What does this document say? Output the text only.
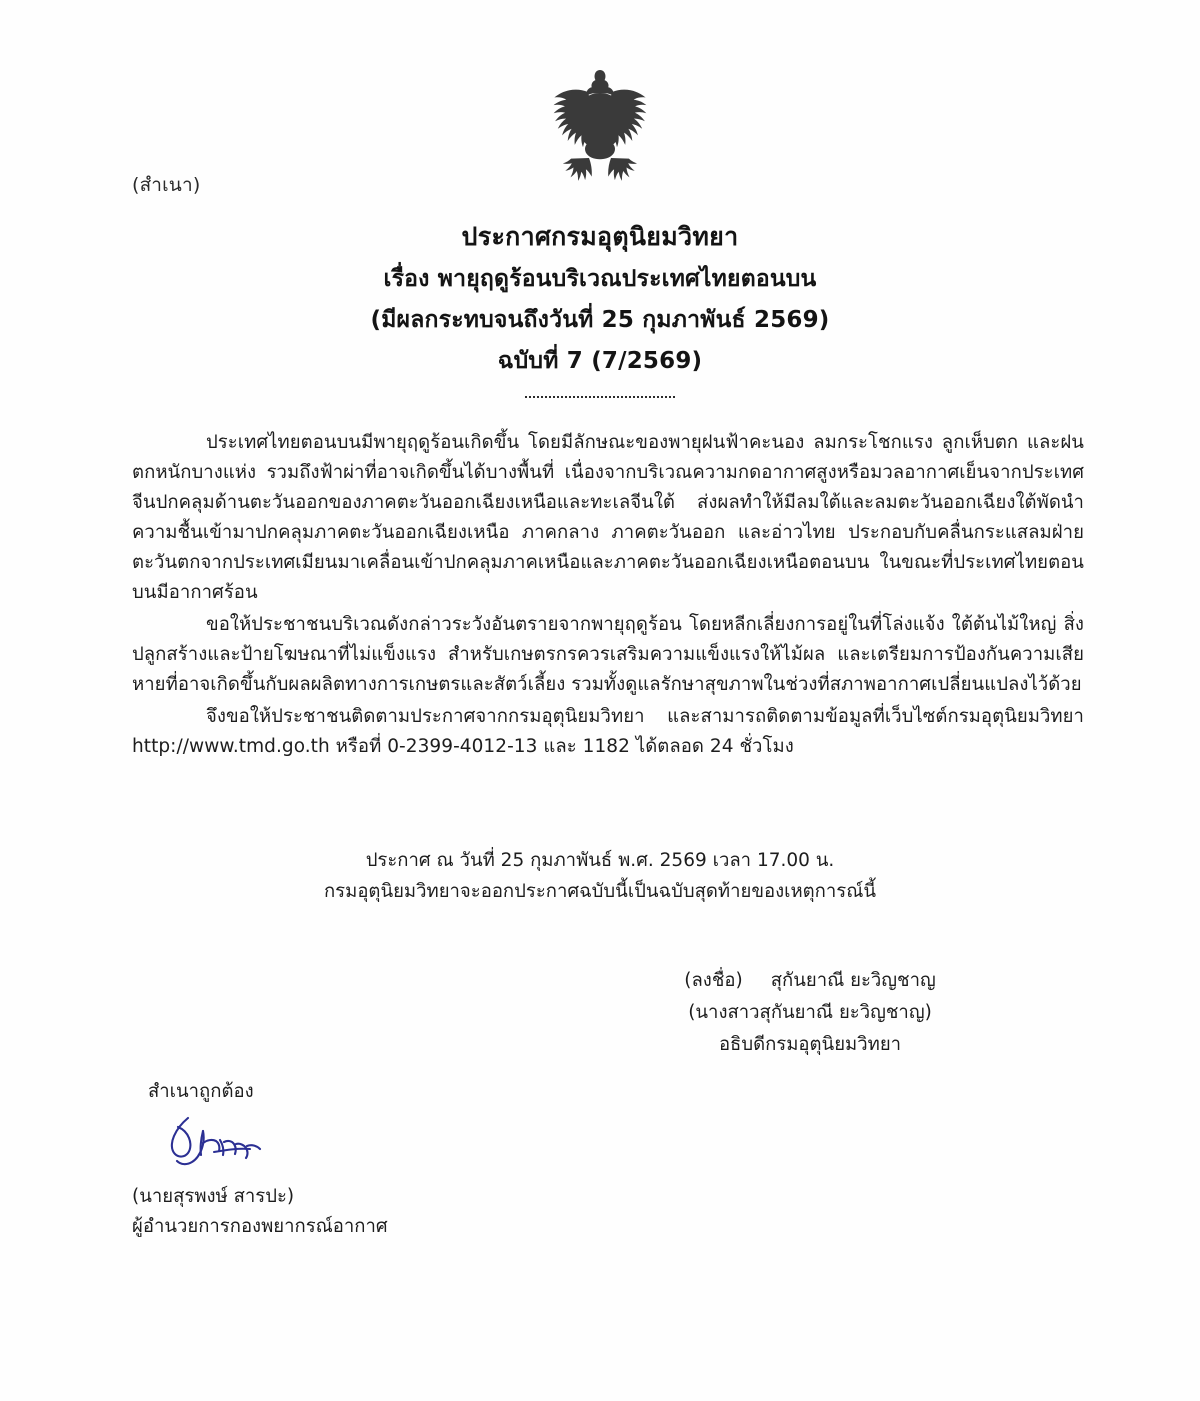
(สำเนา)
ประกาศกรมอุตุนิยมวิทยา
เรื่อง พายุฤดูร้อนบริเวณประเทศไทยตอนบน
(มีผลกระทบจนถึงวันที่ 25 กุมภาพันธ์ 2569)
ฉบับที่ 7 (7/2569)

ประเทศไทยตอนบนมีพายุฤดูร้อนเกิดขึ้น โดยมีลักษณะของพายุฝนฟ้าคะนอง ลมกระโชกแรง ลูกเห็บตก และฝนตกหนักบางแห่ง รวมถึงฟ้าผ่าที่อาจเกิดขึ้นได้บางพื้นที่ เนื่องจากบริเวณความกดอากาศสูงหรือมวลอากาศเย็นจากประเทศจีนปกคลุมด้านตะวันออกของภาคตะวันออกเฉียงเหนือและทะเลจีนใต้ ส่งผลทำให้มีลมใต้และลมตะวันออกเฉียงใต้พัดนำความชื้นเข้ามาปกคลุมภาคตะวันออกเฉียงเหนือ ภาคกลาง ภาคตะวันออก และอ่าวไทย ประกอบกับคลื่นกระแสลมฝ่ายตะวันตกจากประเทศเมียนมาเคลื่อนเข้าปกคลุมภาคเหนือและภาคตะวันออกเฉียงเหนือตอนบน ในขณะที่ประเทศไทยตอนบนมีอากาศร้อน

ขอให้ประชาชนบริเวณดังกล่าวระวังอันตรายจากพายุฤดูร้อน โดยหลีกเลี่ยงการอยู่ในที่โล่งแจ้ง ใต้ต้นไม้ใหญ่ สิ่งปลูกสร้างและป้ายโฆษณาที่ไม่แข็งแรง สำหรับเกษตรกรควรเสริมความแข็งแรงให้ไม้ผล และเตรียมการป้องกันความเสียหายที่อาจเกิดขึ้นกับผลผลิตทางการเกษตรและสัตว์เลี้ยง รวมทั้งดูแลรักษาสุขภาพในช่วงที่สภาพอากาศเปลี่ยนแปลงไว้ด้วย

จึงขอให้ประชาชนติดตามประกาศจากกรมอุตุนิยมวิทยา และสามารถติดตามข้อมูลที่เว็บไซต์กรมอุตุนิยมวิทยา http://www.tmd.go.th หรือที่ 0-2399-4012-13 และ 1182 ได้ตลอด 24 ชั่วโมง

ประกาศ ณ วันที่ 25 กุมภาพันธ์ พ.ศ. 2569 เวลา 17.00 น.
กรมอุตุนิยมวิทยาจะออกประกาศฉบับนี้เป็นฉบับสุดท้ายของเหตุการณ์นี้
(ลงชื่อ) สุกันยาณี ยะวิญชาญ
(นางสาวสุกันยาณี ยะวิญชาญ)
อธิบดีกรมอุตุนิยมวิทยา
สำเนาถูกต้อง
(นายสุรพงษ์ สารปะ)
ผู้อำนวยการกองพยากรณ์อากาศ
